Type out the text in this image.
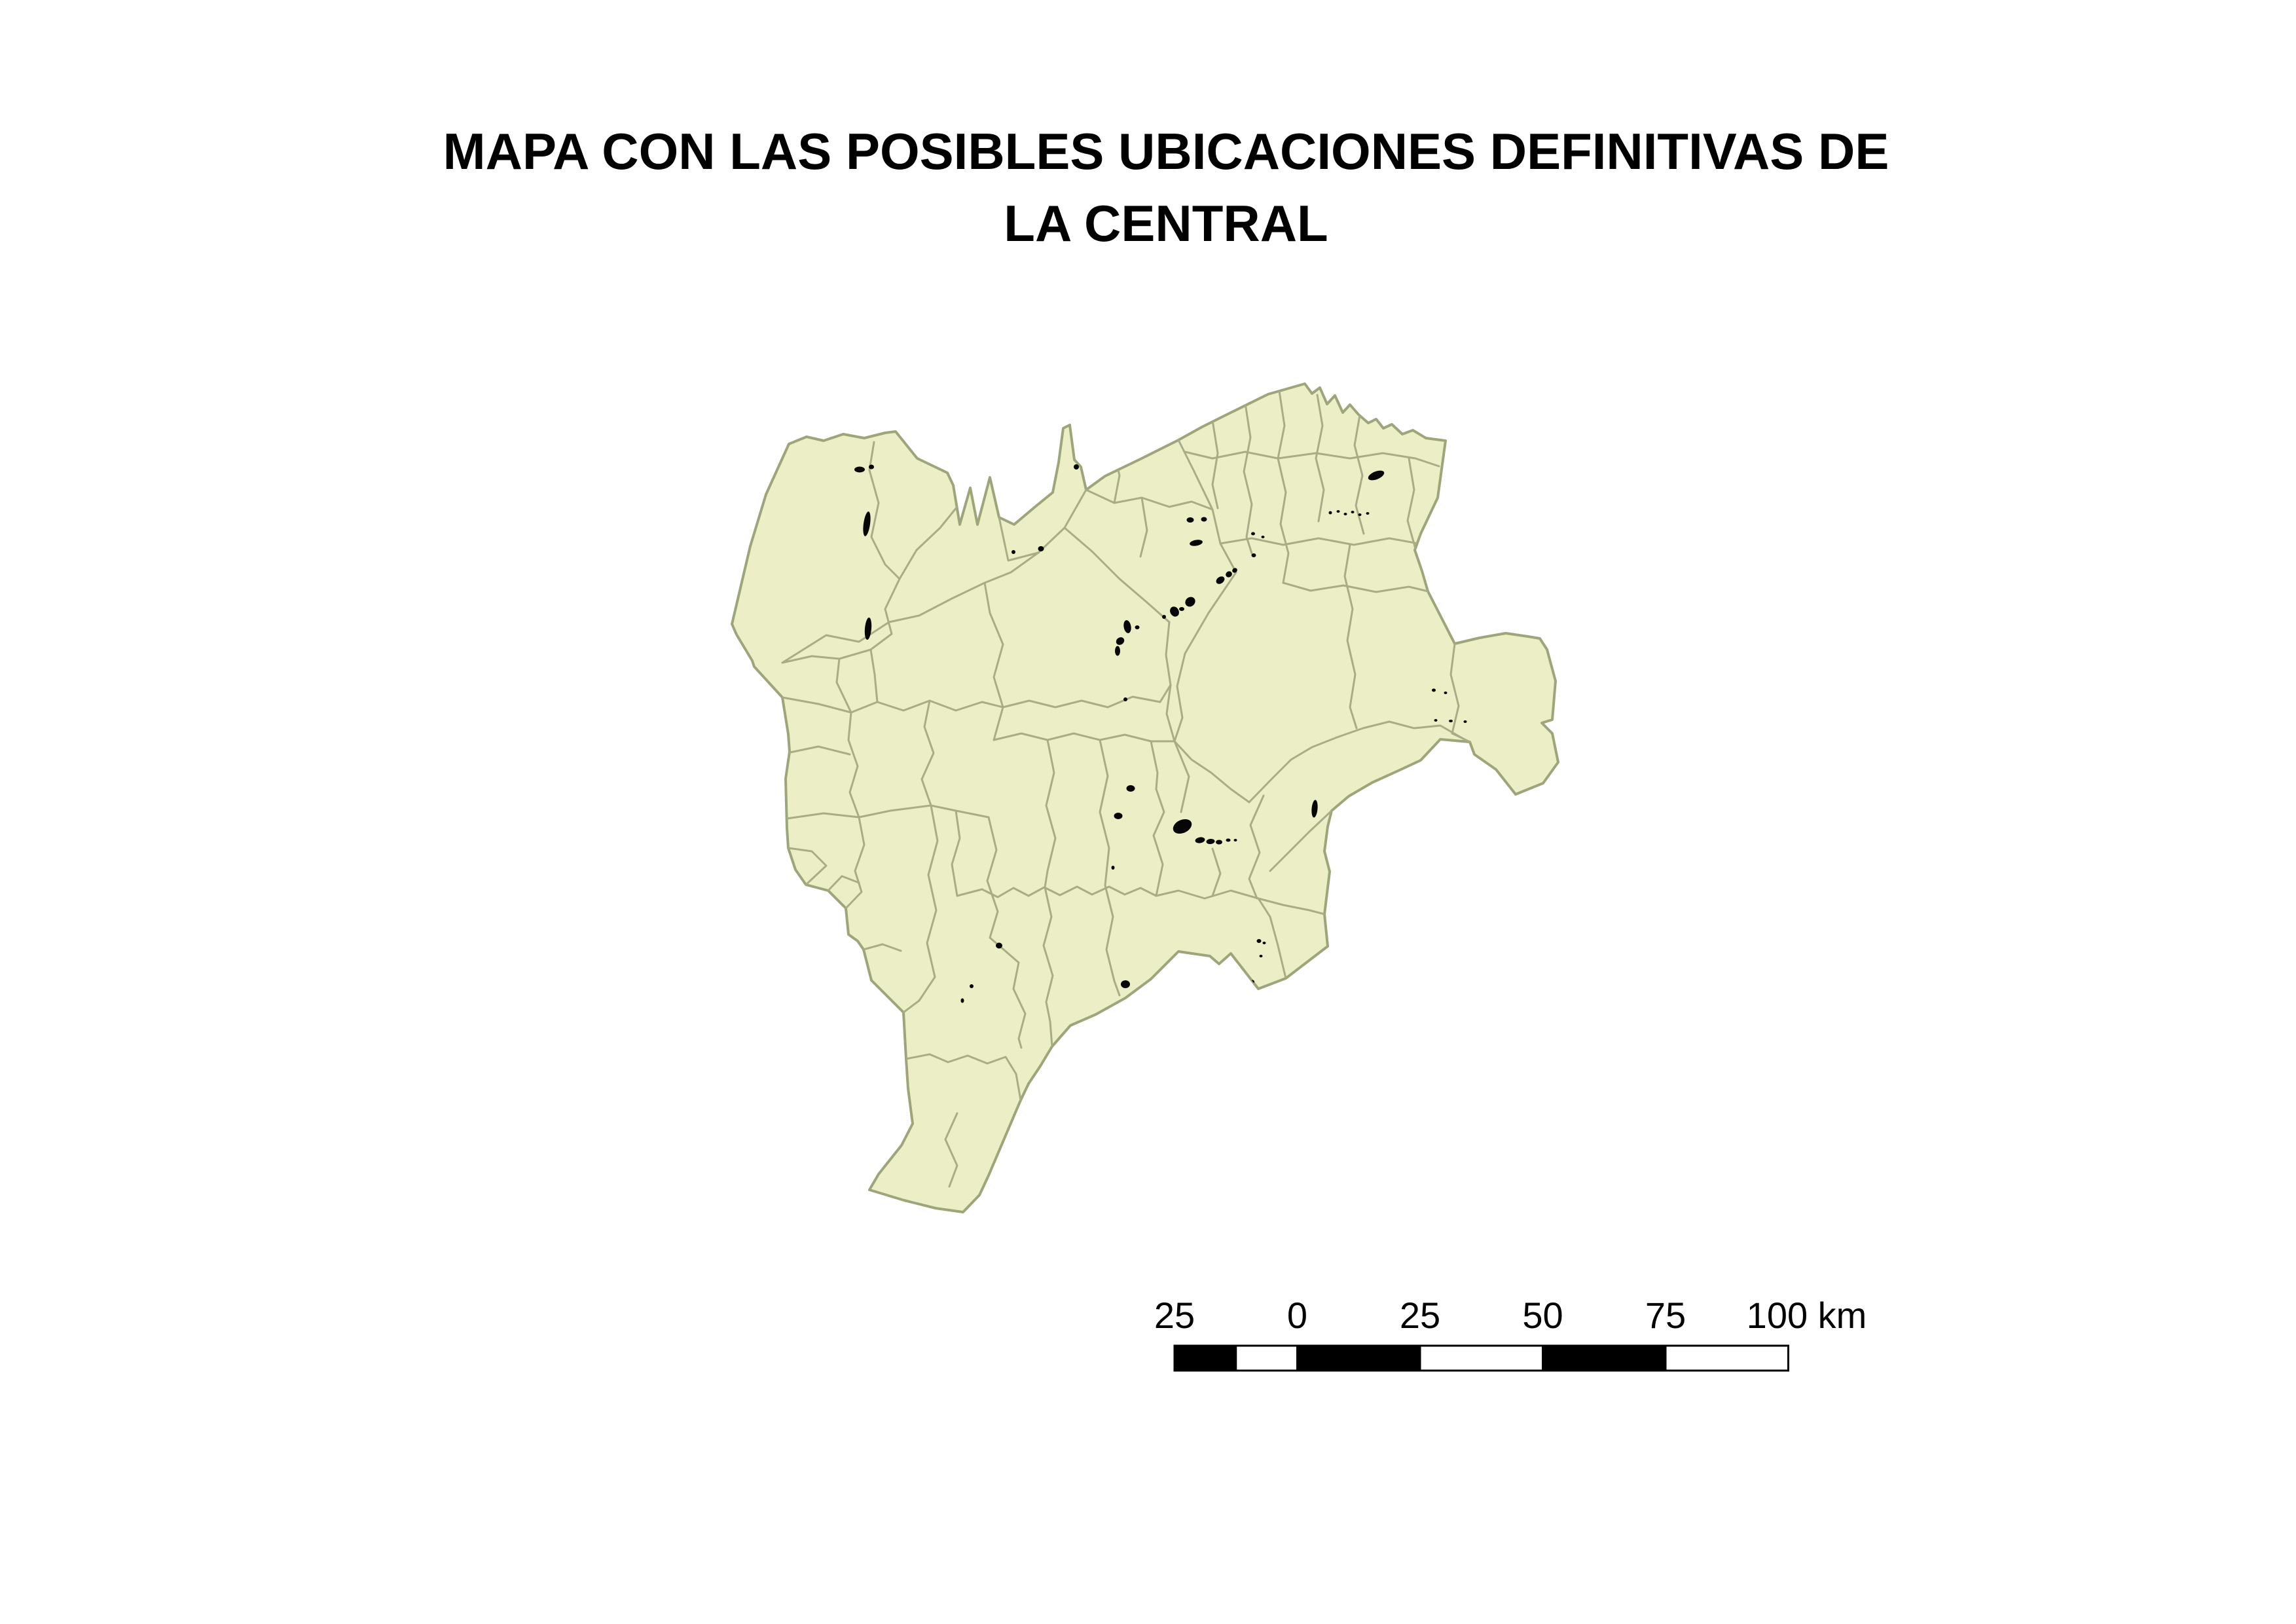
MAPA CON LAS POSIBLES UBICACIONES DEFINITIVAS DE
LA CENTRAL
25	0	25 50 75 100 km
